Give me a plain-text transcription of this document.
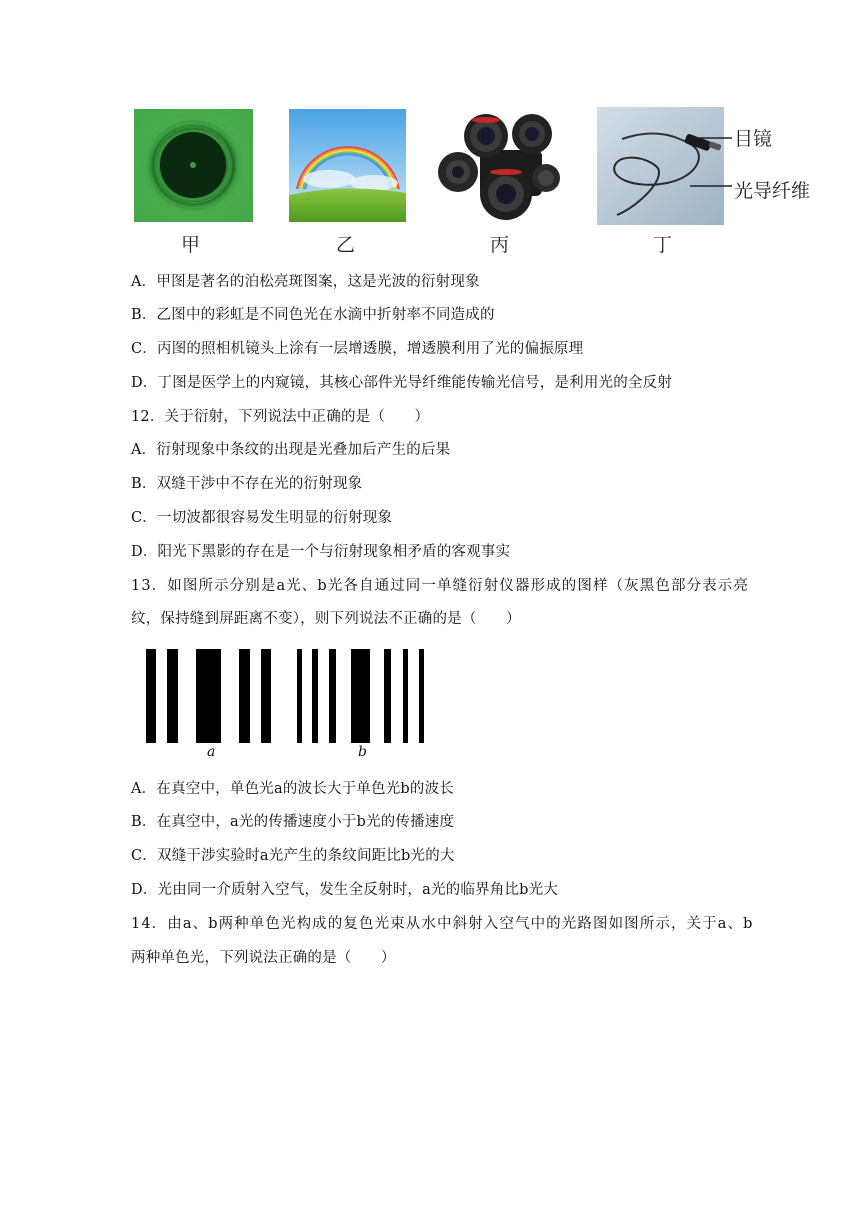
目镜
光导纤维
甲	乙	丙	丁
A．甲图是著名的泊松亮斑图案，这是光波的衍射现象
B．乙图中的彩虹是不同色光在水滴中折射率不同造成的
C．丙图的照相机镜头上涂有一层增透膜，增透膜利用了光的偏振原理
D．丁图是医学上的内窥镜，其核心部件光导纤维能传输光信号，是利用光的全反射
12．关于衍射，下列说法中正确的是（　　）
A．衍射现象中条纹的出现是光叠加后产生的后果
B．双缝干涉中不存在光的衍射现象
C．一切波都很容易发生明显的衍射现象
D．阳光下黑影的存在是一个与衍射现象相矛盾的客观事实
13．如图所示分别是a光、b光各自通过同一单缝衍射仪器形成的图样（灰黑色部分表示亮
纹，保持缝到屏距离不变），则下列说法不正确的是（　　）
a	b
A．在真空中，单色光a的波长大于单色光b的波长
B．在真空中，a光的传播速度小于b光的传播速度
C．双缝干涉实验时a光产生的条纹间距比b光的大
D．光由同一介质射入空气，发生全反射时，a光的临界角比b光大
14．由a、b两种单色光构成的复色光束从水中斜射入空气中的光路图如图所示，关于a、b
两种单色光，下列说法正确的是（　　）
